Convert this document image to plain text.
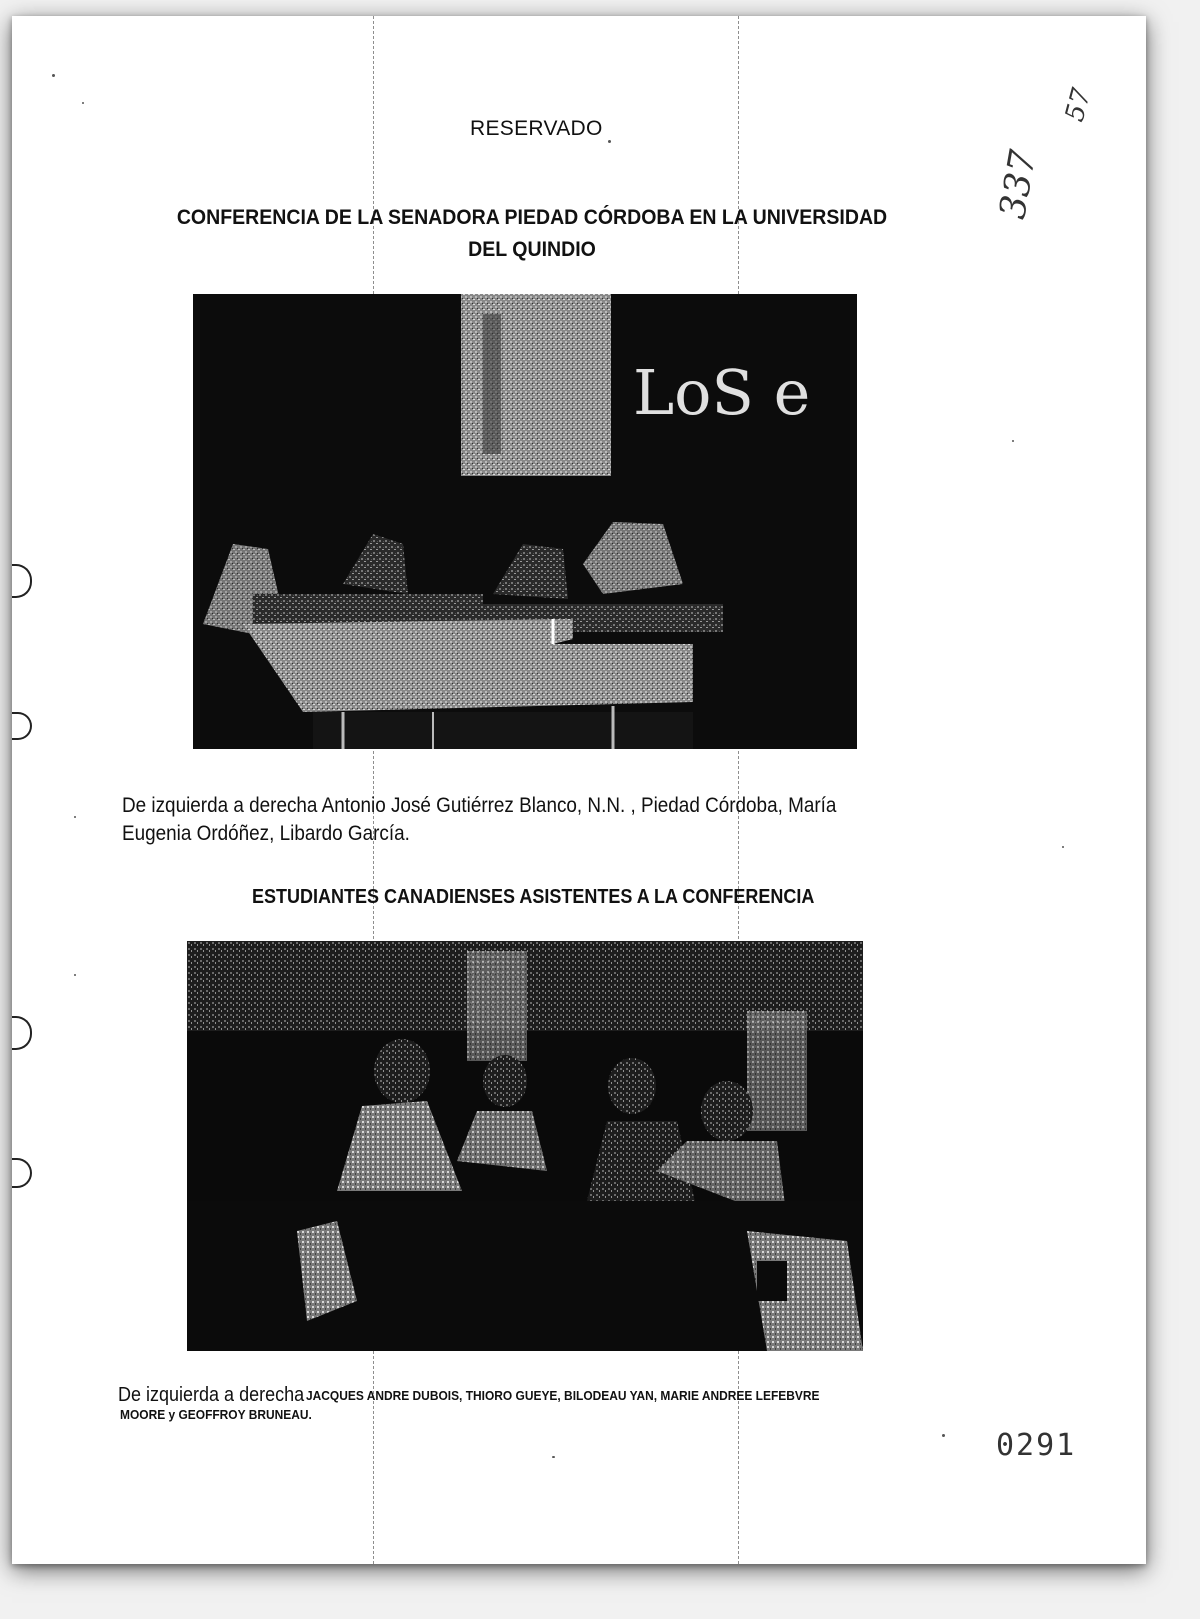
57
337
RESERVADO
CONFERENCIA DE LA SENADORA PIEDAD CÓRDOBA EN LA UNIVERSIDAD DEL QUINDIO
LoS e
De izquierda a derecha Antonio José Gutiérrez Blanco, N.N. , Piedad Córdoba, María Eugenia Ordóñez, Libardo García.
ESTUDIANTES CANADIENSES ASISTENTES A LA CONFERENCIA
De izquierda a derecha JACQUES ANDRE DUBOIS, THIORO GUEYE, BILODEAU YAN, MARIE ANDREE LEFEBVRE
MOORE y GEOFFROY BRUNEAU.
0291
